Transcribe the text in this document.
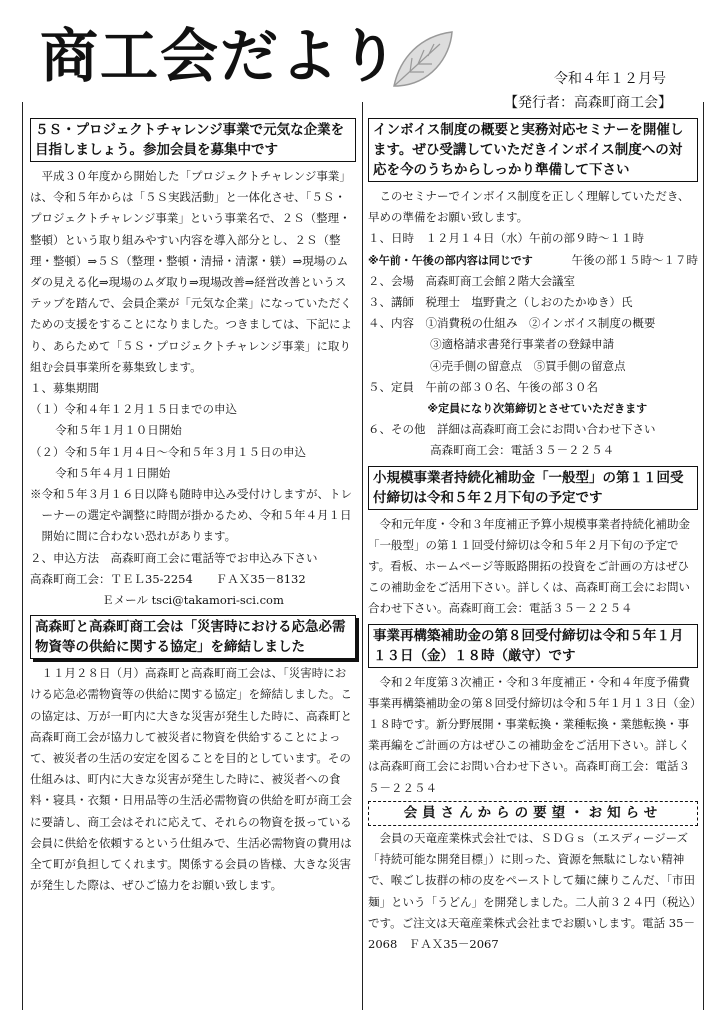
商工会だより	令和４年１２月号
【発行者：高森町商工会】
５Ｓ・プロジェクトチャレンジ事業で元気な企業を目指しましょう。参加会員を募集中です

平成３０年度から開始した「プロジェクトチャレンジ事業」は、令和５年からは「５Ｓ実践活動」と一体化させ、「５Ｓ・プロジェクトチャレンジ事業」という事業名で、２Ｓ（整理・整頓）という取り組みやすい内容を導入部分とし、２Ｓ（整理・整頓）⇒５Ｓ（整理・整頓・清掃・清潔・躾）⇒現場のムダの見える化⇒現場のムダ取り⇒現場改善⇒経営改善というステップを踏んで、会員企業が「元気な企業」になっていただくための支援をすることになりました。つきましては、下記により、あらためて「５Ｓ・プロジェクトチャレンジ事業」に取り組む会員事業所を募集致します。

１、募集期間

（１）令和４年１２月１５日までの申込

令和５年１月１０日開始

（２）令和５年１月４日～令和５年３月１５日の申込

令和５年４月１日開始

※令和５年３月１６日以降も随時申込み受付けしますが、トレーナーの選定や調整に時間が掛かるため、令和５年４月１日開始に間に合わない恐れがあります。

２、申込方法　高森町商工会に電話等でお申込み下さい

高森町商工会：ＴＥＬ35-2254　　ＦＡＸ35－8132

Ｅメール tsci@takamori-sci.com

高森町と高森町商工会は「災害時における応急必需物資等の供給に関する協定」を締結しました

１１月２８日（月）高森町と高森町商工会は、「災害時における応急必需物資等の供給に関する協定」を締結しました。この協定は、万が一町内に大きな災害が発生した時に、高森町と高森町商工会が協力して被災者に物資を供給することによって、被災者の生活の安定を図ることを目的としています。その仕組みは、町内に大きな災害が発生した時に、被災者への食料・寝具・衣類・日用品等の生活必需物資の供給を町が商工会に要請し、商工会はそれに応えて、それらの物資を扱っている会員に供給を依頼するという仕組みで、生活必需物資の費用は全て町が負担してくれます。関係する会員の皆様、大きな災害が発生した際は、ぜひご協力をお願い致します。

インボイス制度の概要と実務対応セミナーを開催します。ぜひ受講していただきインボイス制度への対応を今のうちからしっかり準備して下さい

このセミナーでインボイス制度を正しく理解していただき、早めの準備をお願い致します。

１、日時　１２月１４日（水）午前の部９時～１１時

※午前・午後の部内容は同じです	午後の部１５時～１７時

２、会場　高森町商工会館２階大会議室

３、講師　税理士　塩野貴之（しおのたかゆき）氏

４、内容　①消費税の仕組み　②インボイス制度の概要

③適格請求書発行事業者の登録申請

④売手側の留意点　⑤買手側の留意点

５、定員　午前の部３０名、午後の部３０名

※定員になり次第締切とさせていただきます

６、その他　詳細は高森町商工会にお問い合わせ下さい

高森町商工会：電話３５－２２５４

小規模事業者持続化補助金「一般型」の第１１回受付締切は令和５年２月下旬の予定です

令和元年度・令和３年度補正予算小規模事業者持続化補助金「一般型」の第１１回受付締切は令和５年２月下旬の予定です。看板、ホームページ等販路開拓の投資をご計画の方はぜひこの補助金をご活用下さい。詳しくは、高森町商工会にお問い合わせ下さい。高森町商工会：電話３５－２２５４

事業再構築補助金の第８回受付締切は令和５年１月１３日（金）１８時（厳守）です

令和２年度第３次補正・令和３年度補正・令和４年度予備費事業再構築補助金の第８回受付締切は令和５年１月１３日（金）１８時です。新分野展開・事業転換・業種転換・業態転換・事業再編をご計画の方はぜひこの補助金をご活用下さい。詳しくは高森町商工会にお問い合わせ下さい。高森町商工会：電話３５－２２５４

会員さんからの要望・お知らせ

会員の天竜産業株式会社では、ＳＤＧｓ（エスディージーズ「持続可能な開発目標」）に則った、資源を無駄にしない精神で、喉ごし抜群の柿の皮をペーストして麺に練りこんだ、「市田麺」という「うどん」を開発しました。二人前３２４円（税込）です。ご注文は天竜産業株式会社までお願いします。電話 35－2068　ＦＡＸ35－2067
